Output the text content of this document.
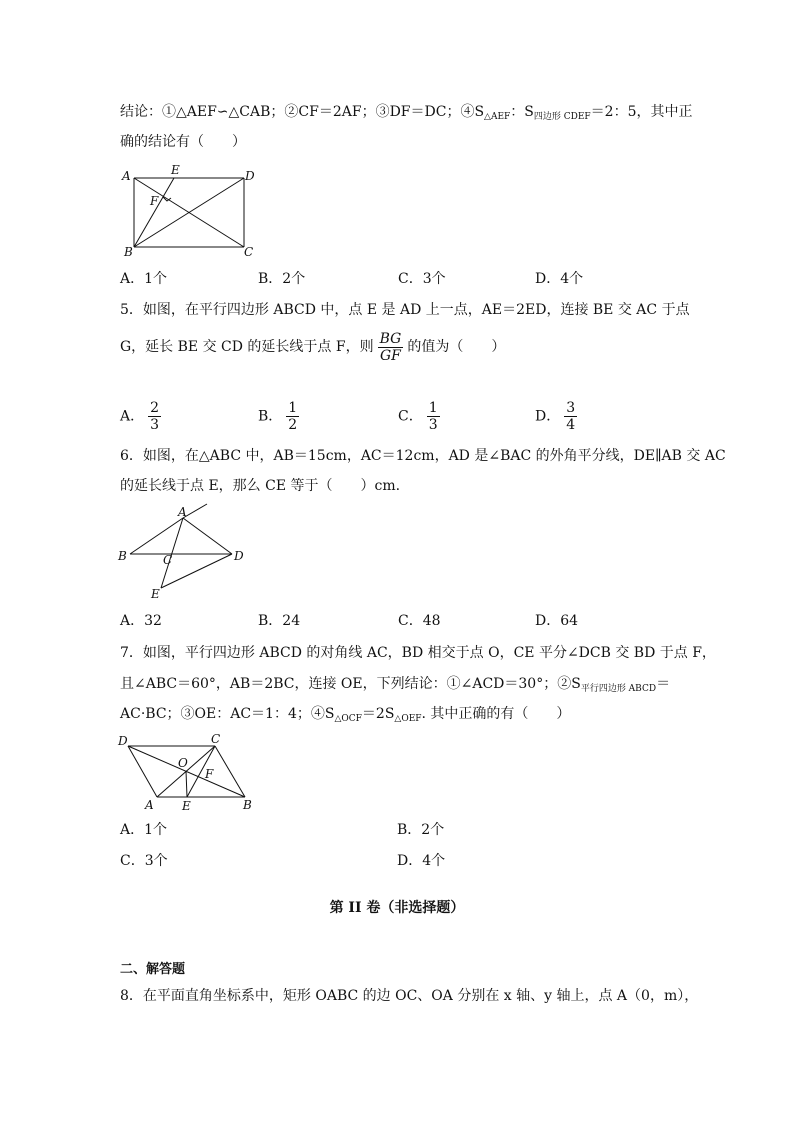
结论：①△AEF∽△CAB；②CF＝2AF；③DF＝DC；$④S_{\triangle AEF}$：$S_{四边形 CDEF}=2$：5，其中正
确的结论有（　　）
A	E	D
F
B	C
A．1个	B．2个	C．3个	D．4个
5．如图，在平行四边形 ABCD 中，点 E 是 AD 上一点，AE＝2ED，连接 BE 交 AC 于点
G，延长 BE 交 CD 的延长线于点 F，则 $\frac{BG}{GF}$ 的值为（　　）
A． $\frac{2}{3}$	B． $\frac{1}{2}$	C． $\frac{1}{3}$	D． $\frac{3}{4}$
6．如图，在△ABC 中，AB＝15cm，AC＝12cm，AD 是∠BAC 的外角平分线，DE∥AB 交 AC
的延长线于点 E，那么 CE 等于（　　）cm.
A
B	C	D
E
A．32	B．24	C．48	D．64
7．如图，平行四边形 ABCD 的对角线 AC，BD 相交于点 O，CE 平分∠DCB 交 BD 于点 F，
且∠ABC＝60°，AB＝2BC，连接 OE，下列结论：①∠ACD＝30°；$②S_{平行四边形 ABCD}=$
AC·BC；③OE：AC＝1：4；$④S_{\triangle OCF}=2S_{\triangle OEF}$. 其中正确的有（　　）
D	C
O
F
A E	B
A．1个	B．2个
C．3个	D．4个
第 II 卷（非选择题）
二、解答题
8．在平面直角坐标系中，矩形 OABC 的边 OC、OA 分别在 x 轴、y 轴上，点 A（0，m），
